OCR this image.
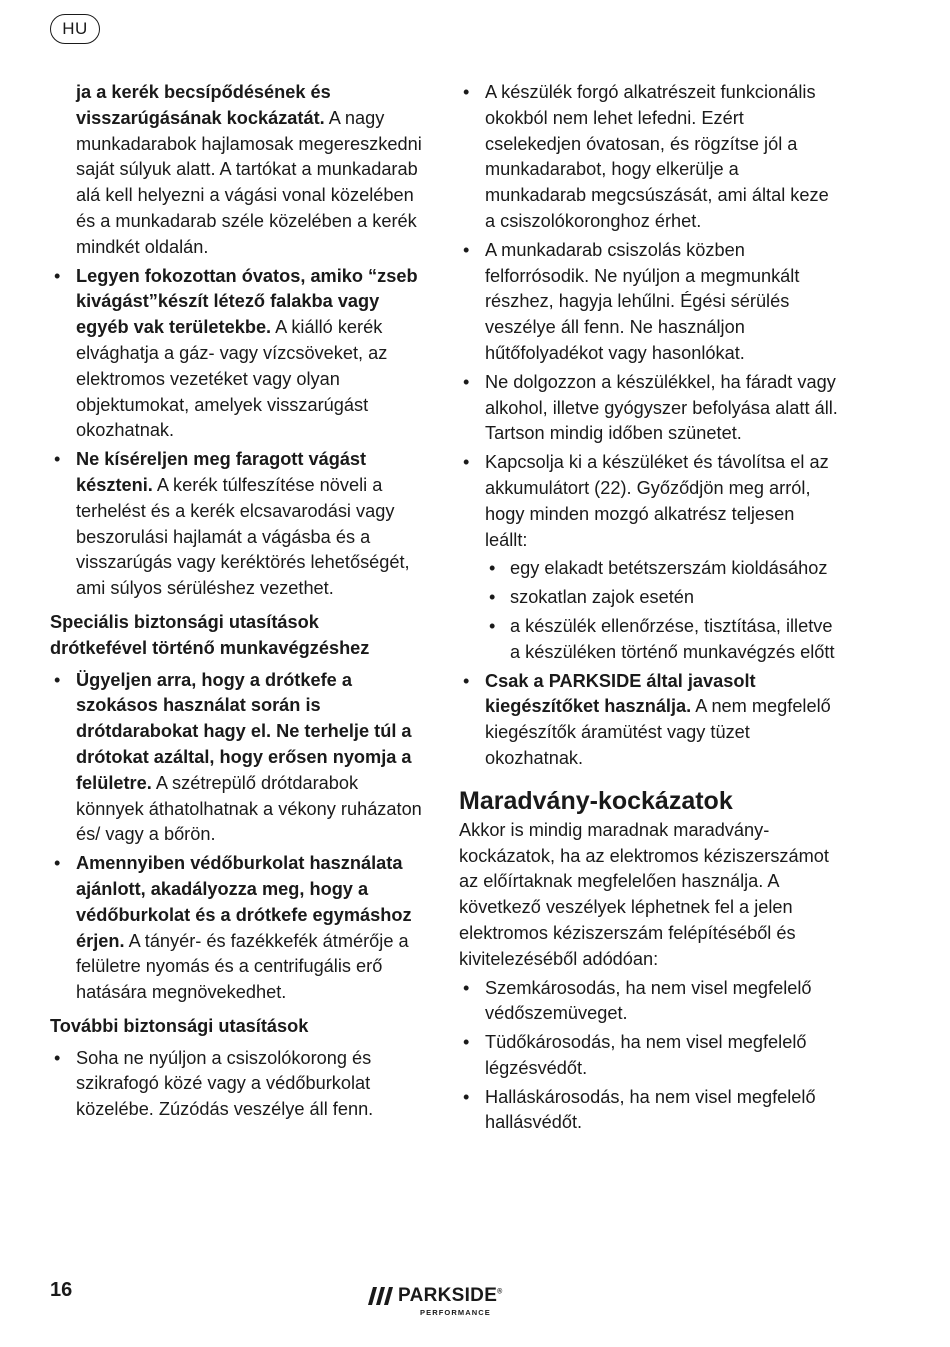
HU
ja a kerék becsípődésének és visszarúgásának kockázatát. A nagy munkadarabok hajlamosak megereszkedni saját súlyuk alatt. A tartókat a munkadarab alá kell helyezni a vágási vonal közelében és a munkadarab széle közelében a kerék mindkét oldalán.
• Legyen fokozottan óvatos, amiko “zseb kivágást”készít létező falakba vagy egyéb vak területekbe. A kiálló kerék elvághatja a gáz- vagy vízcsöveket, az elektromos vezetéket vagy olyan objektumokat, amelyek visszarúgást okozhatnak.
• Ne kíséreljen meg faragott vágást készteni. A kerék túlfeszítése növeli a terhelést és a kerék elcsavarodási vagy beszorulási hajlamát a vágásba és a visszarúgás vagy keréktörés lehetőségét, ami súlyos sérüléshez vezethet.
Speciális biztonsági utasítások drótkefével történő munkavégzéshez
• Ügyeljen arra, hogy a drótkefe a szokásos használat során is drótdarabokat hagy el. Ne terhelje túl a drótokat azáltal, hogy erősen nyomja a felületre. A szétrepülő drótdarabok könnyek áthatolhatnak a vékony ruházaton és/ vagy a bőrön.
• Amennyiben védőburkolat használata ajánlott, akadályozza meg, hogy a védőburkolat és a drótkefe egymáshoz érjen. A tányér- és fazékkefék átmérője a felületre nyomás és a centrifugális erő hatására megnövekedhet.
További biztonsági utasítások
• Soha ne nyúljon a csiszolókorong és szikrafogó közé vagy a védőburkolat közelébe. Zúzódás veszélye áll fenn.
• A készülék forgó alkatrészeit funkcionális okokból nem lehet lefedni. Ezért cselekedjen óvatosan, és rögzítse jól a munkadarabot, hogy elkerülje a munkadarab megcsúszását, ami által keze a csiszolókoronghoz érhet.
• A munkadarab csiszolás közben felforrósodik. Ne nyúljon a megmunkált részhez, hagyja lehűlni. Égési sérülés veszélye áll fenn. Ne használjon hűtőfolyadékot vagy hasonlókat.
• Ne dolgozzon a készülékkel, ha fáradt vagy alkohol, illetve gyógyszer befolyása alatt áll. Tartson mindig időben szünetet.
• Kapcsolja ki a készüléket és távolítsa el az akkumulátort (22). Győződjön meg arról, hogy minden mozgó alkatrész teljesen leállt:
• egy elakadt betétszerszám kioldásához
• szokatlan zajok esetén
• a készülék ellenőrzése, tisztítása, illetve a készüléken történő munkavégzés előtt
• Csak a PARKSIDE által javasolt kiegészítőket használja. A nem megfelelő kiegészítők áramütést vagy tüzet okozhatnak.
Maradvány-kockázatok
Akkor is mindig maradnak maradvány-kockázatok, ha az elektromos kéziszerszámot az előírtaknak megfelelően használja. A következő veszélyek léphetnek fel a jelen elektromos kéziszerszám felépítéséből és kivitelezéséből adódóan:
• Szemkárosodás, ha nem visel megfelelő védőszemüveget.
• Tüdőkárosodás, ha nem visel megfelelő légzésvédőt.
• Halláskárosodás, ha nem visel megfelelő hallásvédőt.
16	PARKSIDE®
PERFORMANCE
